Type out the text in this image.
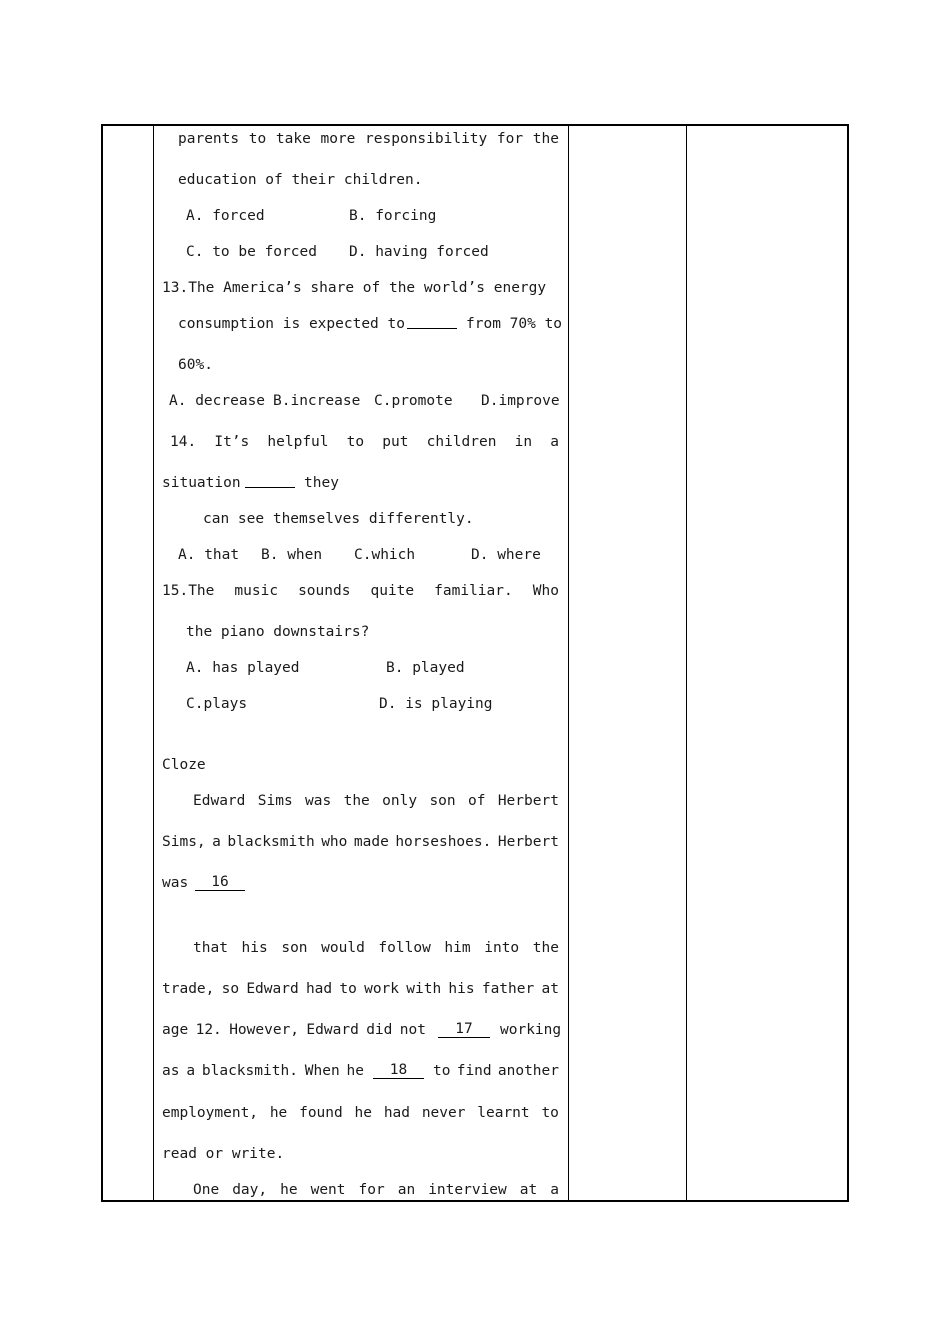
parents to take more responsibility for the
education of their children.
A. forced	B. forcing
C. to be forced D. having forced
13.The America’s share of the world’s energy
consumption is expected to	from 70% to
60%.
A. decrease B.increase C.promote D.improve
14. It’s helpful to put children in a
situation	they
can see themselves differently.
A. that B. when C.which	D. where
15.The music sounds quite familiar. Who
the piano downstairs?
A. has played	B. played
C.plays	D. is playing
Cloze
Edward Sims was the only son of Herbert
Sims, a blacksmith who made horseshoes. Herbert
was	16
that his son would follow him into the
trade, so Edward had to work with his father at
age 12. However, Edward did not	17	working
as a blacksmith. When he	18	to find another
employment, he found he had never learnt to
read or write.
One day, he went for an interview at a
